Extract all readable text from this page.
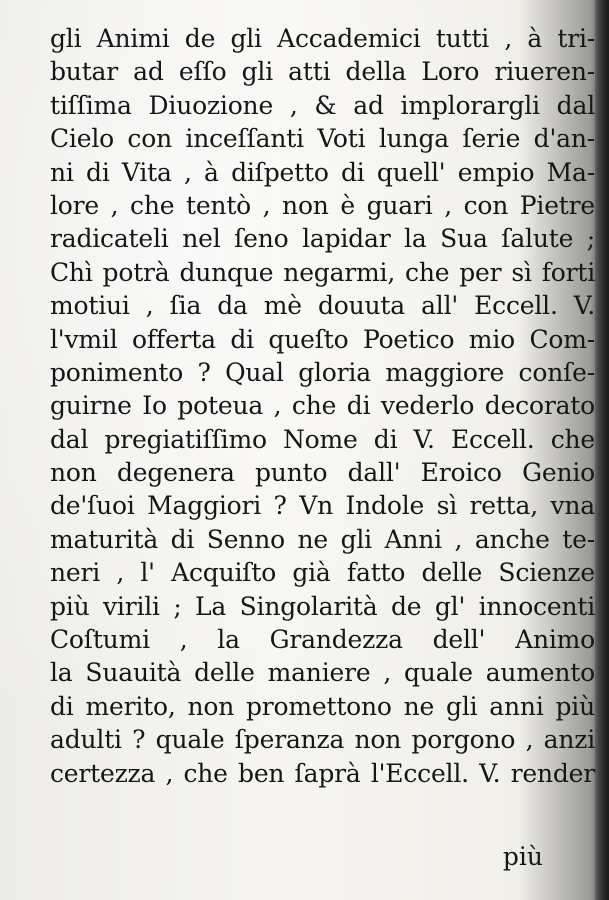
gli Animi de gli Accademici tutti , à tri-
butar ad eſſo gli atti della Loro riueren-
tiſſima Diuozione , & ad implorargli dal
Cielo con inceſſanti Voti lunga ſerie d'an-
ni di Vita , à diſpetto di quell' empio Ma-
lore , che tentò , non è guari , con Pietre
radicateli nel ſeno lapidar la Sua ſalute ;
Chì potrà dunque negarmi, che per sì forti
motiui , ſia da mè douuta all' Eccell. V.
l'vmil offerta di queſto Poetico mio Com-
ponimento ? Qual gloria maggiore conſe-
guirne Io poteua , che di vederlo decorato
dal pregiatiſſimo Nome di V. Eccell. che
non degenera punto dall' Eroico Genio
de'ſuoi Maggiori ? Vn Indole sì retta, vna
maturità di Senno ne gli Anni , anche te-
neri , l' Acquiſto già fatto delle Scienze
più virili ; La Singolarità de gl' innocenti
Coſtumi , la Grandezza dell' Animo
la Suauità delle maniere , quale aumento
di merito, non promettono ne gli anni più
adulti ? quale ſperanza non porgono , anzi
certezza , che ben ſaprà l'Eccell. V. render
più
